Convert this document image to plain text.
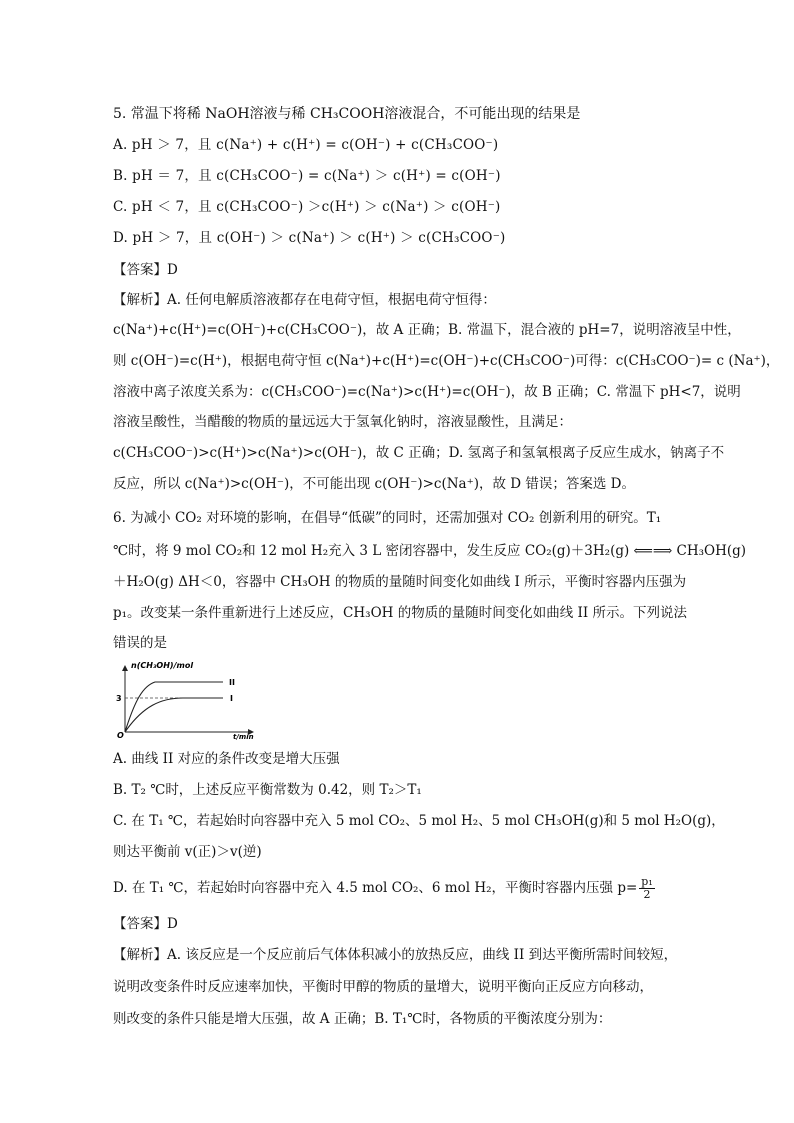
5. 常温下将稀 NaOH溶液与稀 CH₃COOH溶液混合，不可能出现的结果是
A. pH ＞ 7，且 c(Na⁺) + c(H⁺) = c(OH⁻) + c(CH₃COO⁻)
B. pH ＝ 7，且 c(CH₃COO⁻) = c(Na⁺) ＞ c(H⁺) = c(OH⁻)
C. pH ＜ 7，且 c(CH₃COO⁻) ＞c(H⁺) ＞ c(Na⁺) ＞ c(OH⁻)
D. pH ＞ 7，且 c(OH⁻) ＞ c(Na⁺) ＞ c(H⁺) ＞ c(CH₃COO⁻)
【答案】D
【解析】A. 任何电解质溶液都存在电荷守恒，根据电荷守恒得：
c(Na⁺)+c(H⁺)=c(OH⁻)+c(CH₃COO⁻)，故 A 正确；B. 常温下，混合液的 pH=7，说明溶液呈中性，
则 c(OH⁻)=c(H⁺)，根据电荷守恒 c(Na⁺)+c(H⁺)=c(OH⁻)+c(CH₃COO⁻)可得：c(CH₃COO⁻)= c (Na⁺)，
溶液中离子浓度关系为：c(CH₃COO⁻)=c(Na⁺)>c(H⁺)=c(OH⁻)，故 B 正确；C. 常温下 pH<7，说明
溶液呈酸性，当醋酸的物质的量远远大于氢氧化钠时，溶液显酸性，且满足：
c(CH₃COO⁻)>c(H⁺)>c(Na⁺)>c(OH⁻)，故 C 正确；D. 氢离子和氢氧根离子反应生成水，钠离子不
反应，所以 c(Na⁺)>c(OH⁻)，不可能出现 c(OH⁻)>c(Na⁺)，故 D 错误；答案选 D。
6. 为减小 CO₂ 对环境的影响，在倡导“低碳”的同时，还需加强对 CO₂ 创新利用的研究。T₁
℃时，将 9 mol CO₂和 12 mol H₂充入 3 L 密闭容器中，发生反应 CO₂(g)＋3H₂(g) ⟸⟹ CH₃OH(g)
＋H₂O(g) ΔH＜0，容器中 CH₃OH 的物质的量随时间变化如曲线 I 所示，平衡时容器内压强为
p₁。改变某一条件重新进行上述反应，CH₃OH 的物质的量随时间变化如曲线 II 所示。下列说法
错误的是
n(CH₃OH)/mol
II
I
3
O	t/min
A. 曲线 II 对应的条件改变是增大压强
B. T₂ ℃时，上述反应平衡常数为 0.42，则 T₂＞T₁
C. 在 T₁ ℃，若起始时向容器中充入 5 mol CO₂、5 mol H₂、5 mol CH₃OH(g)和 5 mol H₂O(g)，
则达平衡前 v(正)＞v(逆)
D. 在 T₁ ℃，若起始时向容器中充入 4.5 mol CO₂、6 mol H₂，平衡时容器内压强 $p= \frac{\text{p₁}}{2}$
【答案】D
【解析】A. 该反应是一个反应前后气体体积减小的放热反应，曲线 II 到达平衡所需时间较短，
说明改变条件时反应速率加快，平衡时甲醇的物质的量增大，说明平衡向正反应方向移动，
则改变的条件只能是增大压强，故 A 正确；B. T₁℃时，各物质的平衡浓度分别为：
